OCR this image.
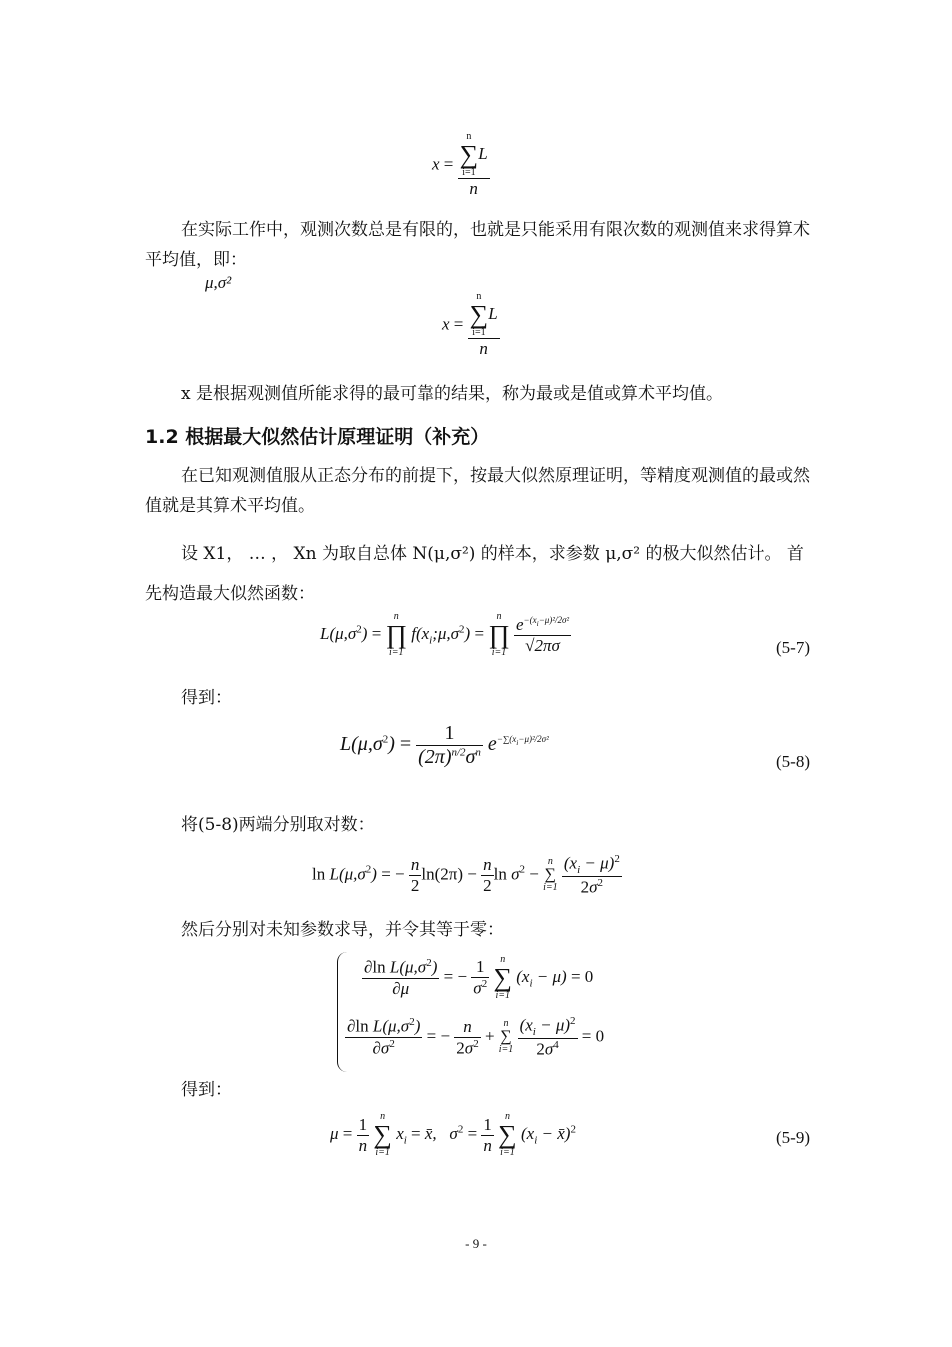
x = n
∑
i=1
L
n
在实际工作中，观测次数总是有限的，也就是只能采用有限次数的观测值来求得算术平均值，即：
μ,σ²
x = n
∑
i=1
L
n
x 是根据观测值所能求得的最可靠的结果，称为最或是值或算术平均值。
1.2 根据最大似然估计原理证明（补充）
在已知观测值服从正态分布的前提下，按最大似然原理证明，等精度观测值的最或然值就是其算术平均值。
设 X1， … ， Xn 为取自总体 N(μ,σ²) 的样本，求参数 μ,σ² 的极大似然估计。 首先构造最大似然函数：
$L(\mu,\sigma^2)$ =
n
∏
i=1
$f(x_i;\mu,\sigma^2)$ =
n
∏
i=1
$\frac{e^{-(x_i-\mu)^2/2\sigma^2}}{√2\pi\sigma}$	(5-7)
得到：
$L(\mu,\sigma^2) = \frac{1}{(2\pi)^{n/2}\sigma^n} e^{-\sum(x_i-\mu)^2/2\sigma^2}$
(5-8)
将(5-8)两端分别取对数：
$\ln L(\mu,\sigma^2)$ = − $\frac{n}{2} \ln(2\pi) - \frac{n}{2}$ $\ln \sigma^2$ −
n
∑
i=1
$\frac{(x_i - \mu)^2}{2\sigma^2}$
然后分别对未知参数求导，并令其等于零：
$\frac{\partial\ln L(\mu,\sigma^2)}{\partial\mu}$ = − $\frac{1}{\sigma^2}$
	n
∑
i=1
$(x_i - \mu) = 0$
$\frac{\partial\ln L(\mu,\sigma^2)}{\partial\sigma^2}$ = − $\frac{n}{2\sigma^2}$ +
n
∑
i=1
$\frac{(x_i - \mu)^2}{2\sigma^4} = 0$
得到：
$\mu = \frac{1}{n}$
	n
∑
i=1
$x_i$ = x̄,   $\sigma^2 = \frac{1}{n}$
	n
∑
i=1
($x_i$ − x̄)$^2$	(5-9)
- 9 -
